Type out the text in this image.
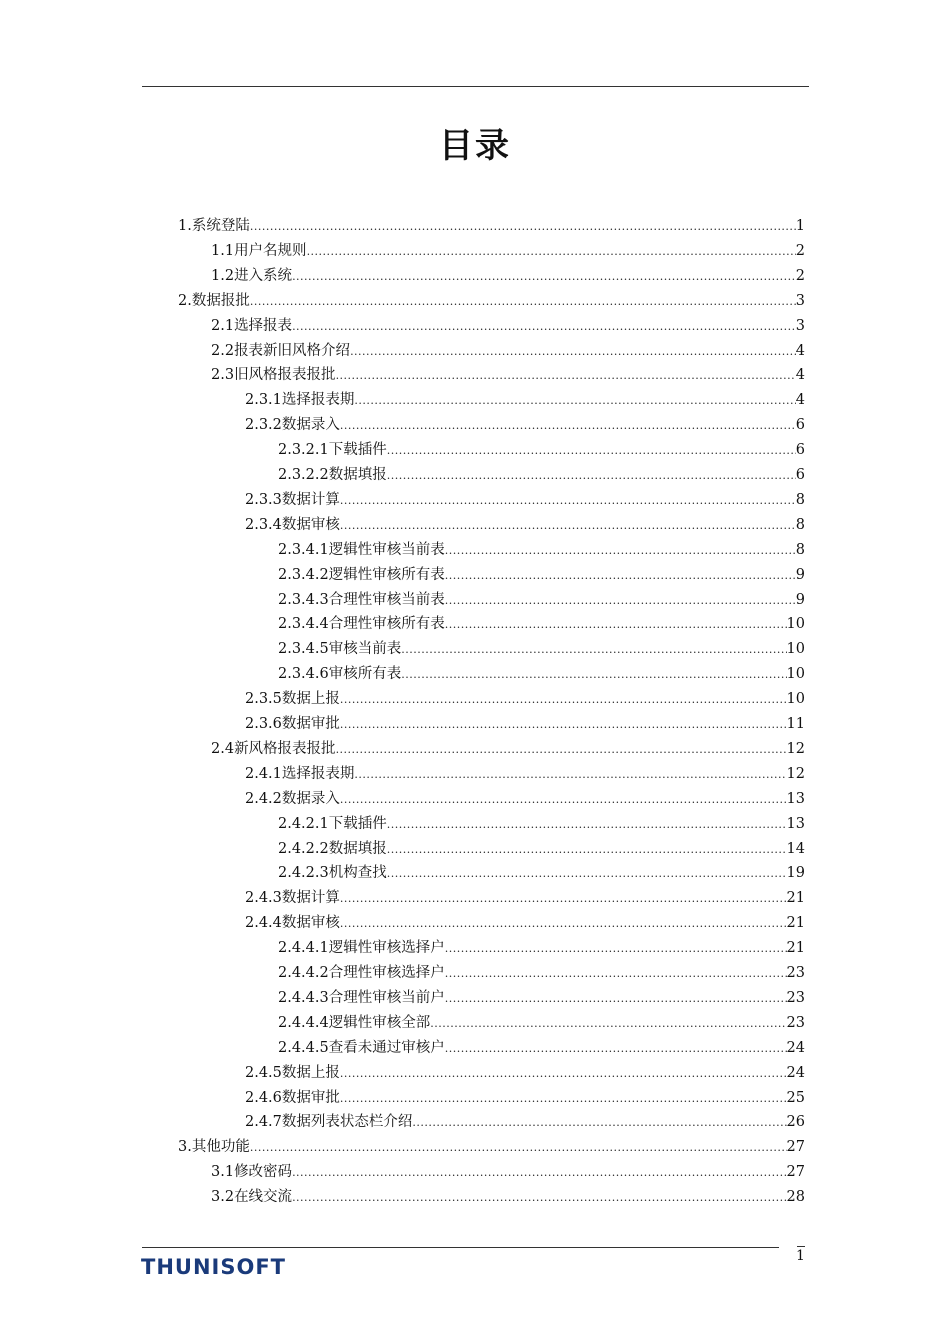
目录
1. 系统登陆 .....	1
1.1 用户名规则 .....	2
1.2 进入系统 .....	2
2. 数据报批 .....	3
2.1 选择报表 .....	3
2.2 报表新旧风格介绍 .....	4
2.3 旧风格报表报批 .....	4
2.3.1 选择报表期 .....	4
2.3.2 数据录入 .....	6
2.3.2.1 下载插件 .....	6
2.3.2.2 数据填报 .....	6
2.3.3 数据计算 .....	8
2.3.4 数据审核 .....	8
2.3.4.1 逻辑性审核当前表 .....	8
2.3.4.2 逻辑性审核所有表 .....	9
2.3.4.3 合理性审核当前表 .....	9
2.3.4.4 合理性审核所有表 .....	10
2.3.4.5 审核当前表 .....	10
2.3.4.6 审核所有表 .....	10
2.3.5 数据上报 .....	10
2.3.6 数据审批 .....	11
2.4 新风格报表报批 .....	12
2.4.1 选择报表期 .....	12
2.4.2 数据录入 .....	13
2.4.2.1 下载插件 .....	13
2.4.2.2 数据填报 .....	14
2.4.2.3 机构查找 .....	19
2.4.3 数据计算 .....	21
2.4.4 数据审核 .....	21
2.4.4.1 逻辑性审核选择户 .....	21
2.4.4.2 合理性审核选择户 .....	23
2.4.4.3 合理性审核当前户 .....	23
2.4.4.4 逻辑性审核全部 .....	23
2.4.4.5 查看未通过审核户 .....	24
2.4.5 数据上报 .....	24
2.4.6 数据审批 .....	25
2.4.7 数据列表状态栏介绍 .....	26
3. 其他功能 .....	27
3.1 修改密码 .....	27
3.2 在线交流 .....	28
THUNISOFT	1
